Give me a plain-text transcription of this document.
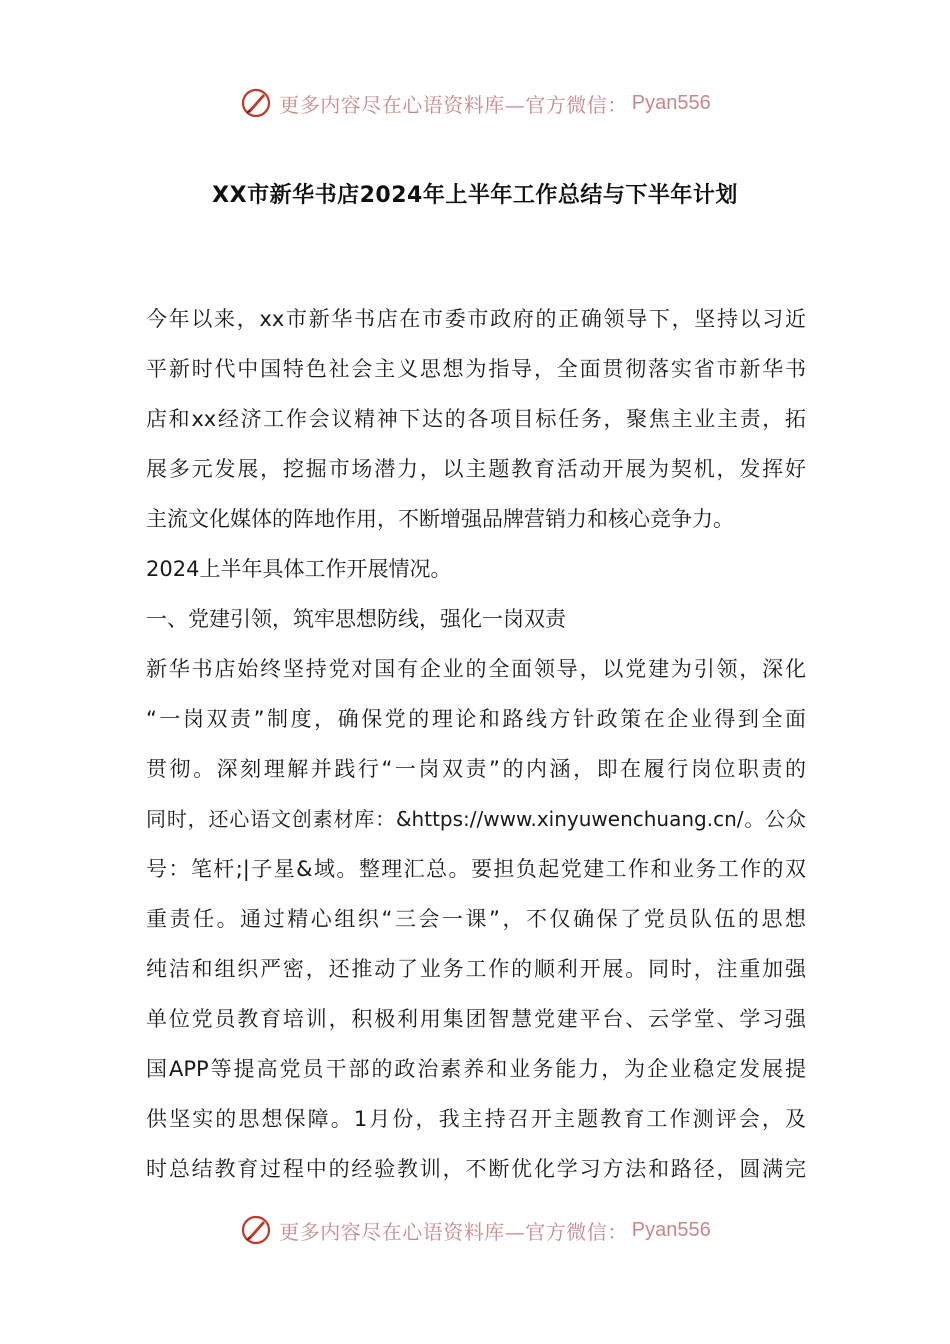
更多内容尽在心语资料库—官方微信： Pyan556
XX市新华书店2024年上半年工作总结与下半年计划
今年以来，xx市新华书店在市委市政府的正确领导下，坚持以习近
平新时代中国特色社会主义思想为指导，全面贯彻落实省市新华书
店和xx经济工作会议精神下达的各项目标任务，聚焦主业主责，拓
展多元发展，挖掘市场潜力，以主题教育活动开展为契机，发挥好
主流文化媒体的阵地作用，不断增强品牌营销力和核心竞争力。
2024上半年具体工作开展情况。
一、党建引领，筑牢思想防线，强化一岗双责
新华书店始终坚持党对国有企业的全面领导，以党建为引领，深化
“一岗双责”制度，确保党的理论和路线方针政策在企业得到全面
贯彻。深刻理解并践行“一岗双责”的内涵，即在履行岗位职责的
同时，还心语文创素材库：&https://www.xinyuwenchuang.cn/。公众
号：笔杆;|子星&域。整理汇总。要担负起党建工作和业务工作的双
重责任。通过精心组织“三会一课”，不仅确保了党员队伍的思想
纯洁和组织严密，还推动了业务工作的顺利开展。同时，注重加强
单位党员教育培训，积极利用集团智慧党建平台、云学堂、学习强
国APP等提高党员干部的政治素养和业务能力，为企业稳定发展提
供坚实的思想保障。1月份，我主持召开主题教育工作测评会，及
时总结教育过程中的经验教训，不断优化学习方法和路径，圆满完
更多内容尽在心语资料库—官方微信： Pyan556
